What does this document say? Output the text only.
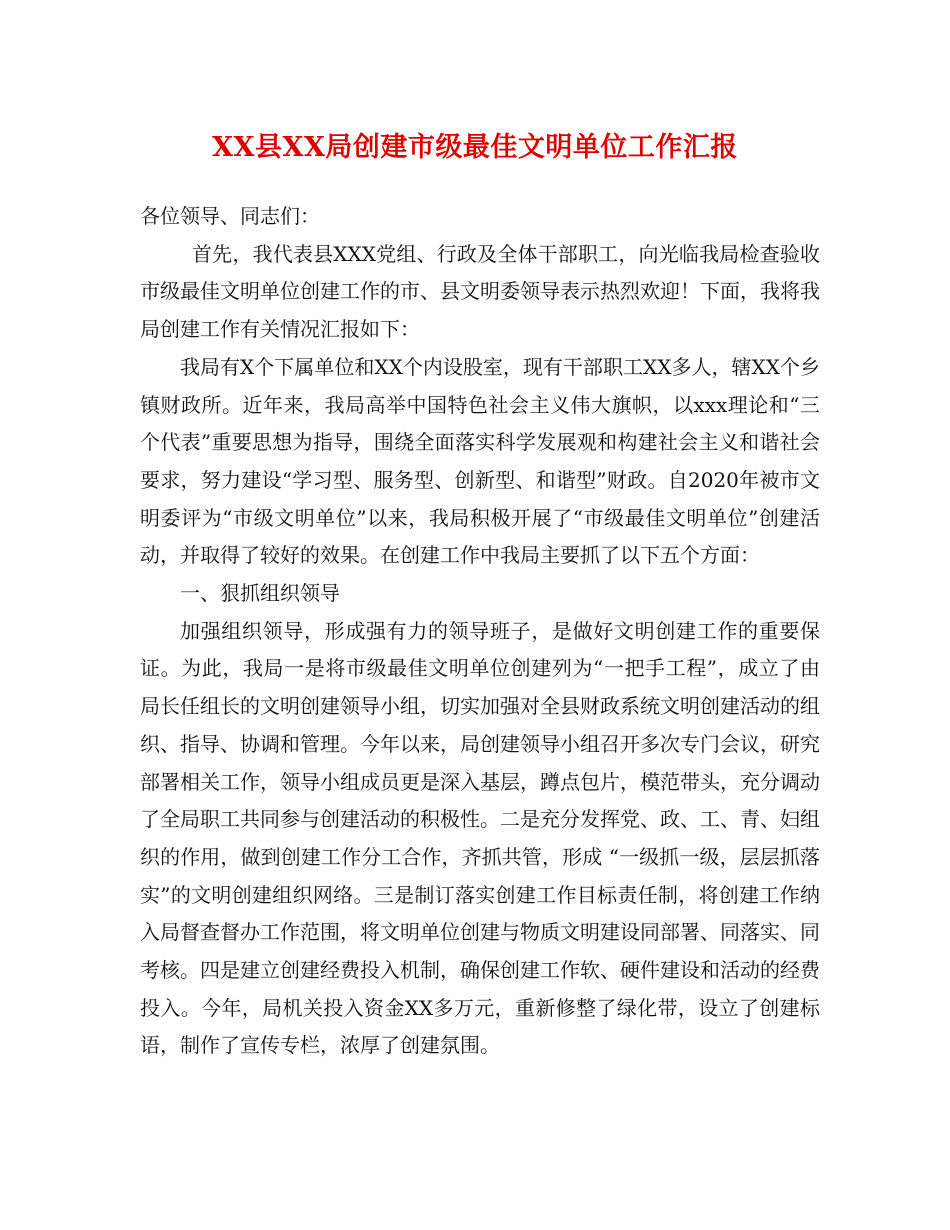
XX县XX局创建市级最佳文明单位工作汇报

各位领导、同志们：

首先，我代表县XXX党组、行政及全体干部职工，向光临我局检查验收市级最佳文明单位创建工作的市、县文明委领导表示热烈欢迎！下面，我将我局创建工作有关情况汇报如下：

我局有X个下属单位和XX个内设股室，现有干部职工XX多人，辖XX个乡镇财政所。近年来，我局高举中国特色社会主义伟大旗帜，以xxx理论和“三个代表”重要思想为指导，围绕全面落实科学发展观和构建社会主义和谐社会要求，努力建设“学习型、服务型、创新型、和谐型”财政。自2020年被市文明委评为“市级文明单位”以来，我局积极开展了“市级最佳文明单位”创建活动，并取得了较好的效果。在创建工作中我局主要抓了以下五个方面：

一、狠抓组织领导

加强组织领导，形成强有力的领导班子，是做好文明创建工作的重要保证。为此，我局一是将市级最佳文明单位创建列为“一把手工程”，成立了由局长任组长的文明创建领导小组，切实加强对全县财政系统文明创建活动的组织、指导、协调和管理。今年以来，局创建领导小组召开多次专门会议，研究部署相关工作，领导小组成员更是深入基层，蹲点包片，模范带头，充分调动了全局职工共同参与创建活动的积极性。二是充分发挥党、政、工、青、妇组织的作用，做到创建工作分工合作，齐抓共管，形成 “一级抓一级，层层抓落实”的文明创建组织网络。三是制订落实创建工作目标责任制，将创建工作纳入局督查督办工作范围，将文明单位创建与物质文明建设同部署、同落实、同考核。四是建立创建经费投入机制，确保创建工作软、硬件建设和活动的经费投入。今年，局机关投入资金XX多万元，重新修整了绿化带，设立了创建标语，制作了宣传专栏，浓厚了创建氛围。
